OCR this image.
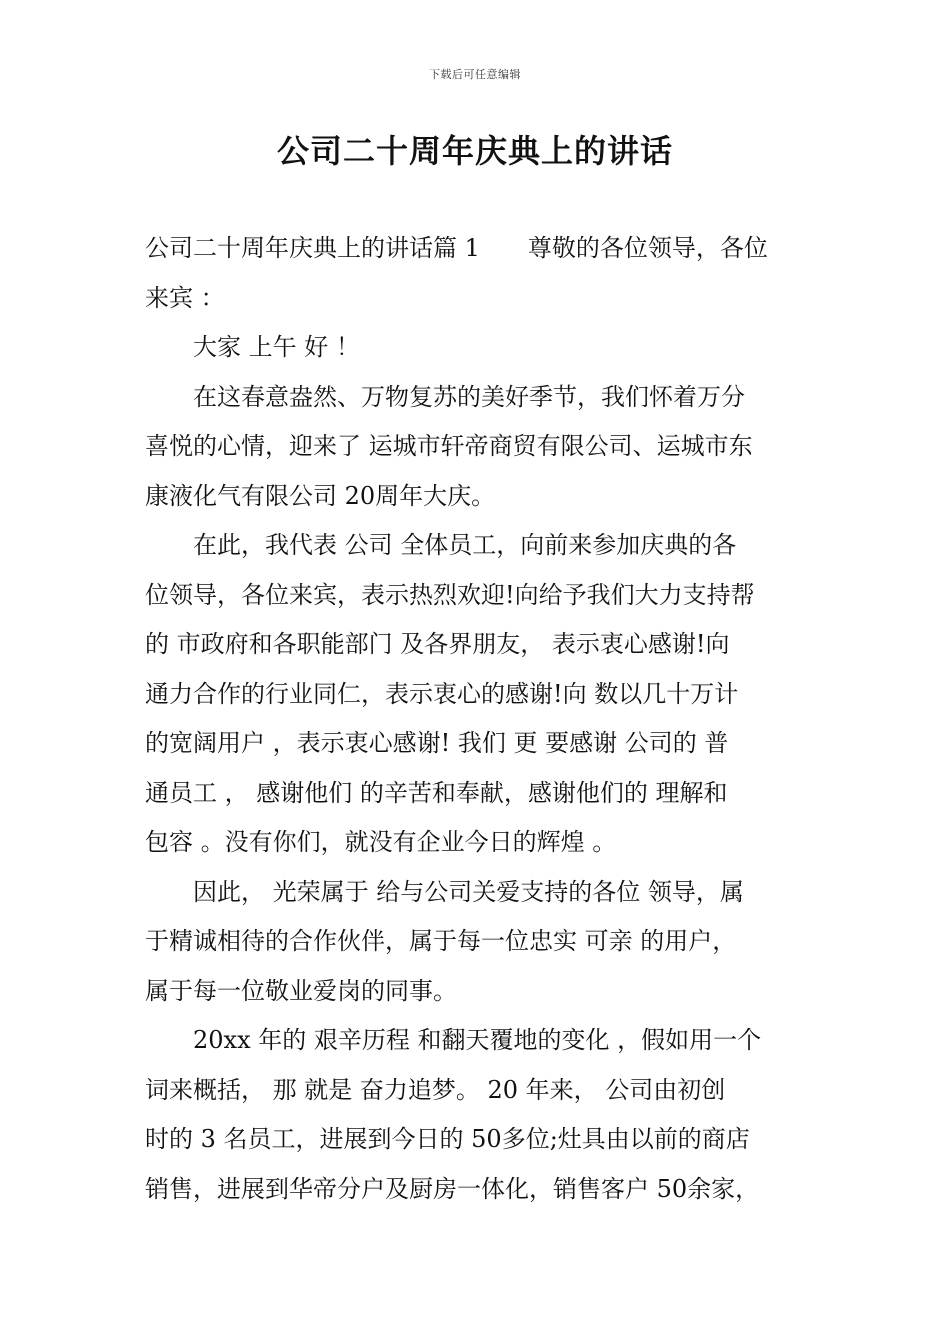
下载后可任意编辑
公司二十周年庆典上的讲话
公司二十周年庆典上的讲话篇 1　　尊敬的各位领导，各位
来宾 ：
　　大家 上午 好 ！
　　在这春意盎然、万物复苏的美好季节，我们怀着万分
喜悦的心情，迎来了 运城市轩帝商贸有限公司、运城市东
康液化气有限公司 20周年大庆。
　　在此，我代表 公司 全体员工，向前来参加庆典的各
位领导，各位来宾，表示热烈欢迎!向给予我们大力支持帮
的 市政府和各职能部门 及各界朋友， 表示衷心感谢!向
通力合作的行业同仁，表示衷心的感谢!向 数以几十万计
的宽阔用户 ，表示衷心感谢! 我们 更 要感谢 公司的 普
通员工 ， 感谢他们 的辛苦和奉献，感谢他们的 理解和
包容 。没有你们，就没有企业今日的辉煌 。
　　因此， 光荣属于 给与公司关爱支持的各位 领导，属
于精诚相待的合作伙伴，属于每一位忠实 可亲 的用户，
属于每一位敬业爱岗的同事。
　　20xx 年的 艰辛历程 和翻天覆地的变化 ，假如用一个
词来概括， 那 就是 奋力追梦。 20 年来， 公司由初创
时的 3 名员工，进展到今日的 50多位;灶具由以前的商店
销售，进展到华帝分户及厨房一体化，销售客户 50余家，
